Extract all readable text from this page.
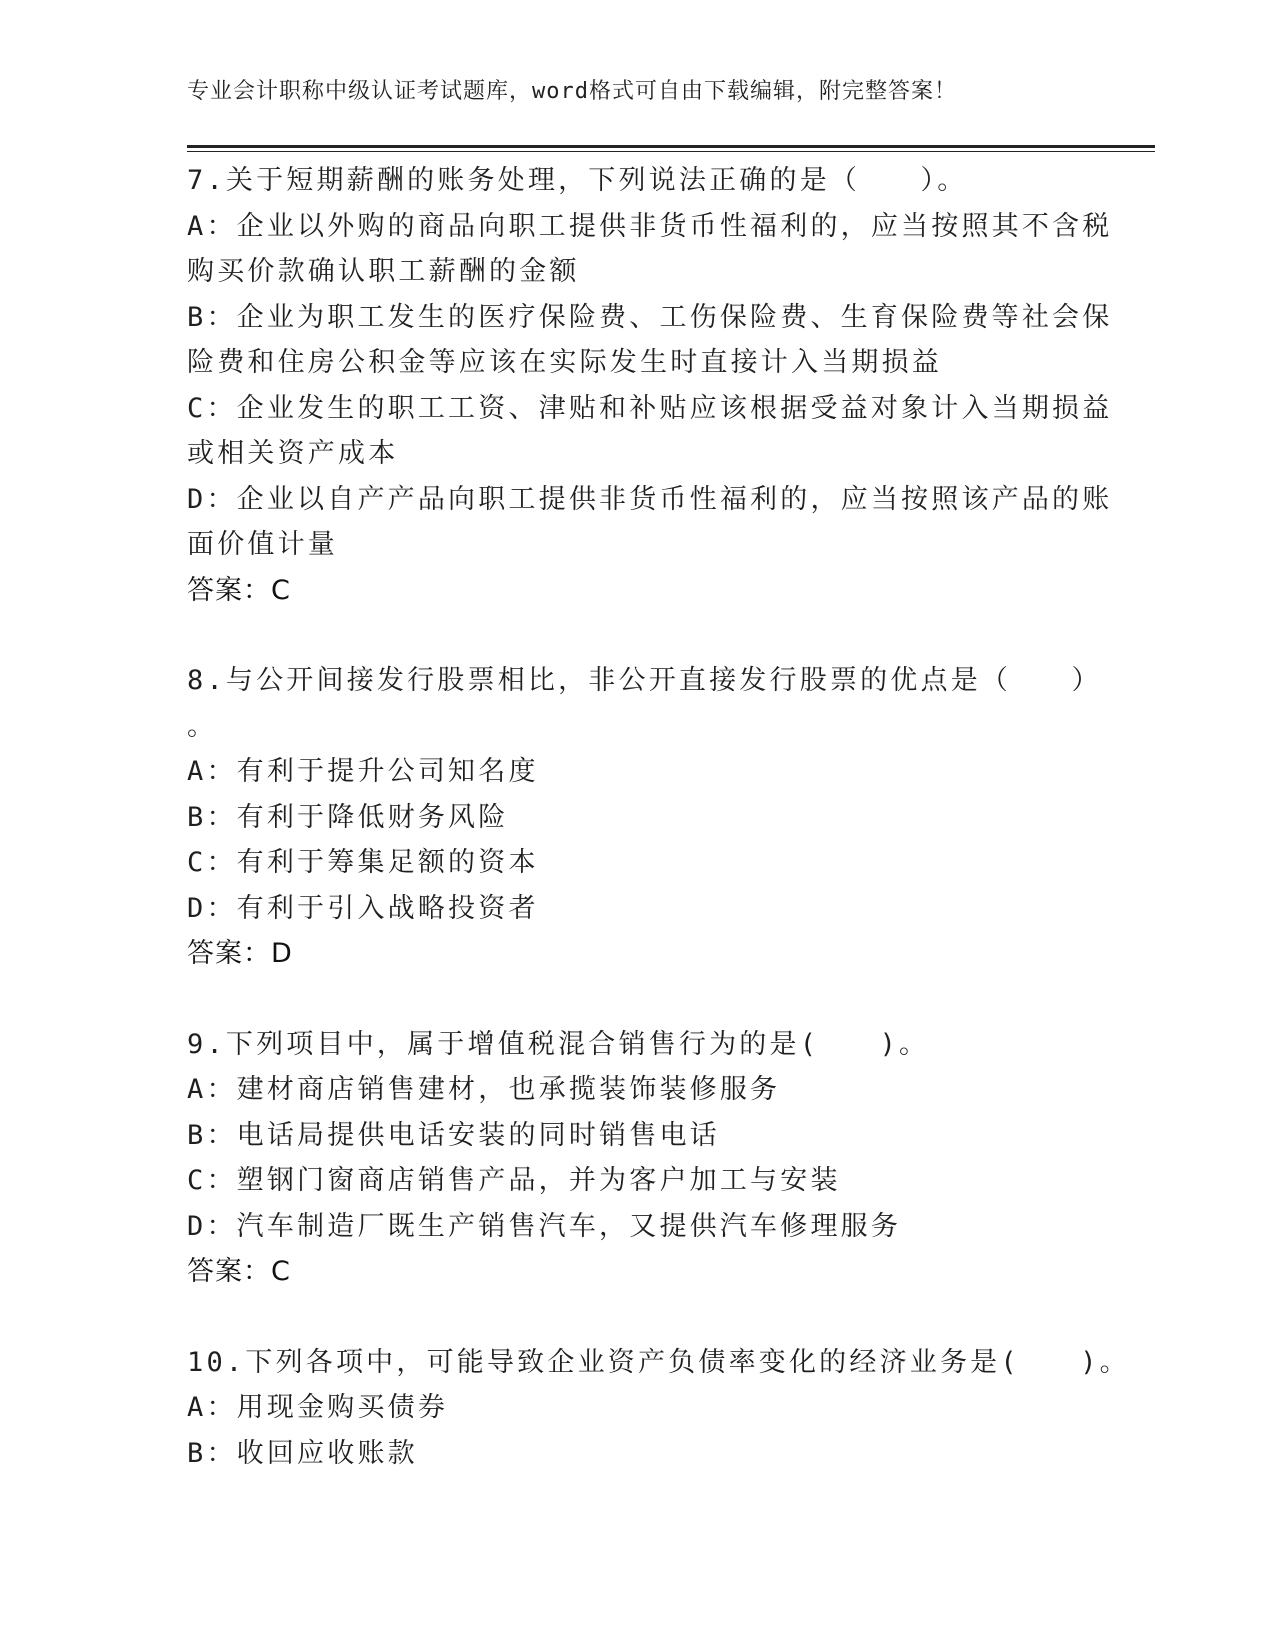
专业会计职称中级认证考试题库，word格式可自由下载编辑，附完整答案！
7.关于短期薪酬的账务处理，下列说法正确的是（　　）。
A：企业以外购的商品向职工提供非货币性福利的，应当按照其不含税
购买价款确认职工薪酬的金额
B：企业为职工发生的医疗保险费、工伤保险费、生育保险费等社会保
险费和住房公积金等应该在实际发生时直接计入当期损益
C：企业发生的职工工资、津贴和补贴应该根据受益对象计入当期损益
或相关资产成本
D：企业以自产产品向职工提供非货币性福利的，应当按照该产品的账
面价值计量
答案：C
8.与公开间接发行股票相比，非公开直接发行股票的优点是（　　）
。
A：有利于提升公司知名度
B：有利于降低财务风险
C：有利于筹集足额的资本
D：有利于引入战略投资者
答案：D
9.下列项目中，属于增值税混合销售行为的是(　　)。
A：建材商店销售建材，也承揽装饰装修服务
B：电话局提供电话安装的同时销售电话
C：塑钢门窗商店销售产品，并为客户加工与安装
D：汽车制造厂既生产销售汽车，又提供汽车修理服务
答案：C
10.下列各项中，可能导致企业资产负债率变化的经济业务是(　　)。
A：用现金购买债券
B：收回应收账款
